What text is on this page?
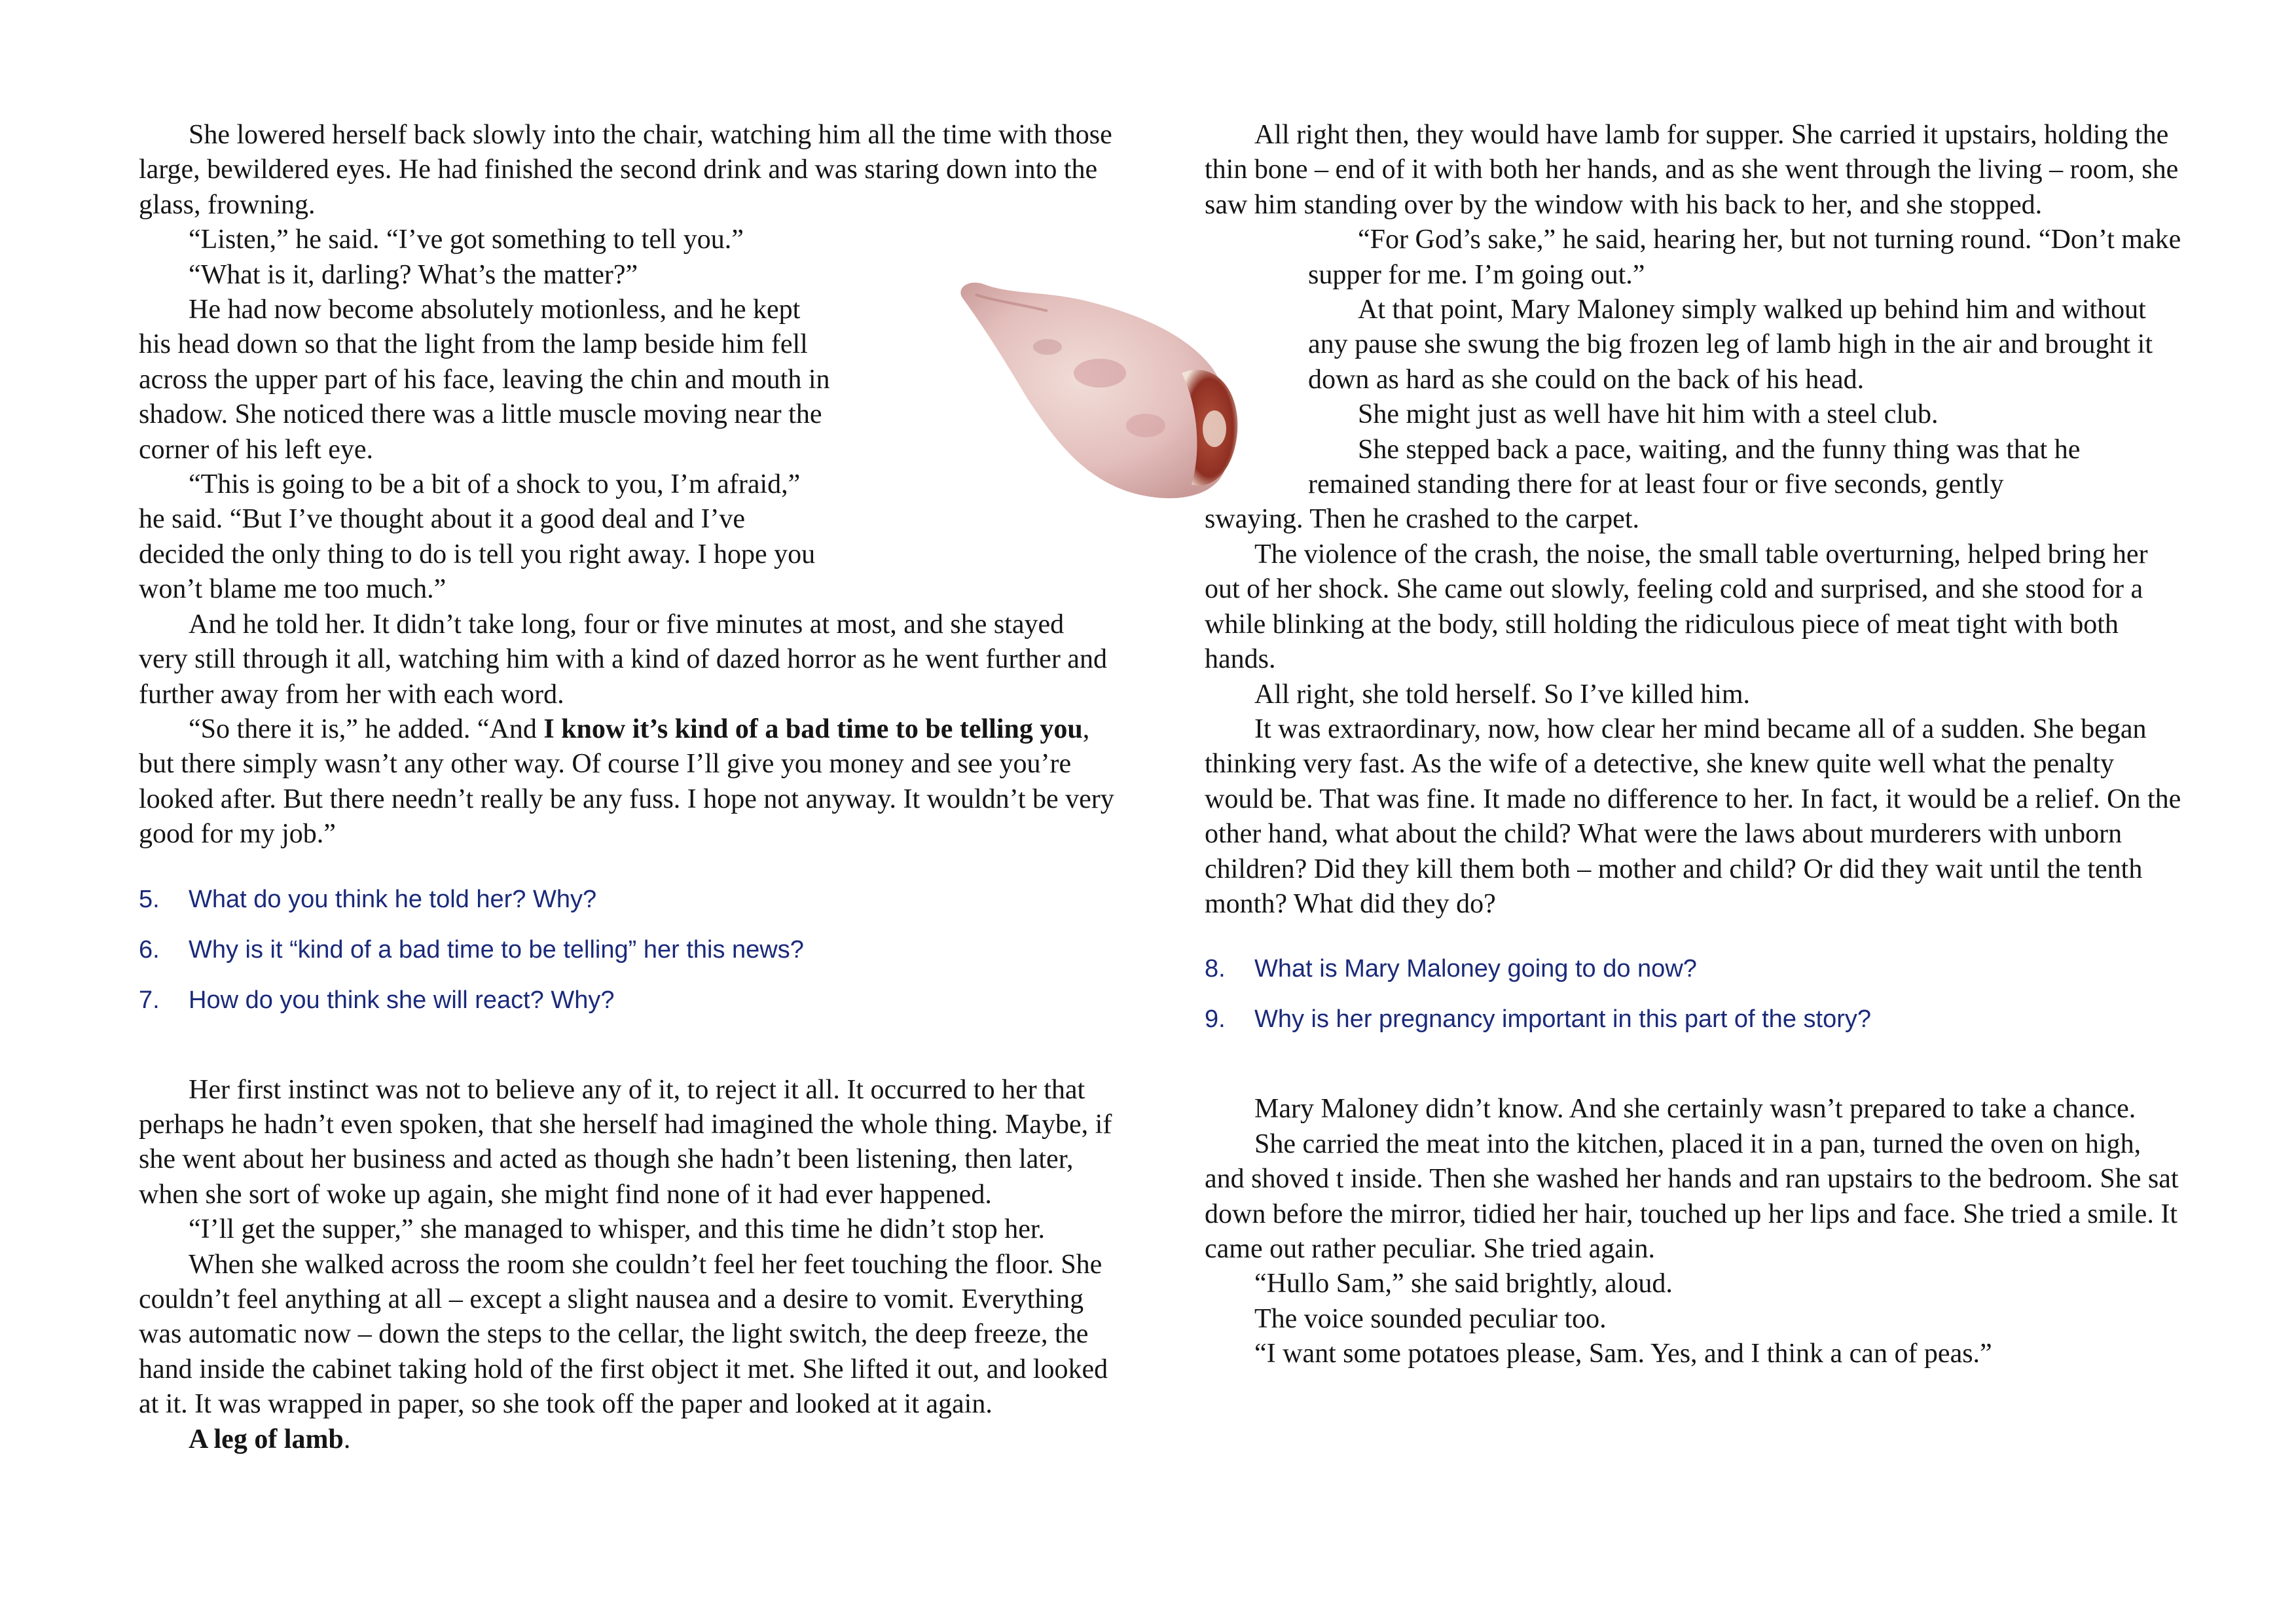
She lowered herself back slowly into the chair, watching him all the time with those large, bewildered eyes. He had finished the second drink and was staring down into the glass, frowning.

“Listen,” he said. “I’ve got something to tell you.”

“What is it, darling? What’s the matter?”

He had now become absolutely motionless, and he kept his head down so that the light from the lamp beside him fell across the upper part of his face, leaving the chin and mouth in shadow. She noticed there was a little muscle moving near the corner of his left eye.

“This is going to be a bit of a shock to you, I’m afraid,” he said. “But I’ve thought about it a good deal and I’ve decided the only thing to do is tell you right away. I hope you won’t blame me too much.”

And he told her. It didn’t take long, four or five minutes at most, and she stayed very still through it all, watching him with a kind of dazed horror as he went further and further away from her with each word.

“So there it is,” he added. “And I know it’s kind of a bad time to be telling you, but there simply wasn’t any other way. Of course I’ll give you money and see you’re looked after. But there needn’t really be any fuss. I hope not anyway. It wouldn’t be very good for my job.”

5. What do you think he told her? Why?
6. Why is it “kind of a bad time to be telling” her this news?
7. How do you think she will react? Why?

Her first instinct was not to believe any of it, to reject it all. It occurred to her that perhaps he hadn’t even spoken, that she herself had imagined the whole thing. Maybe, if she went about her business and acted as though she hadn’t been listening, then later, when she sort of woke up again, she might find none of it had ever happened.

“I’ll get the supper,” she managed to whisper, and this time he didn’t stop her.

When she walked across the room she couldn’t feel her feet touching the floor. She couldn’t feel anything at all – except a slight nausea and a desire to vomit. Everything was automatic now – down the steps to the cellar, the light switch, the deep freeze, the hand inside the cabinet taking hold of the first object it met. She lifted it out, and looked at it. It was wrapped in paper, so she took off the paper and looked at it again.

A leg of lamb.

All right then, they would have lamb for supper. She carried it upstairs, holding the thin bone – end of it with both her hands, and as she went through the living – room, she saw him standing over by the window with his back to her, and she stopped.

“For God’s sake,” he said, hearing her, but not turning round. “Don’t make supper for me. I’m going out.”

At that point, Mary Maloney simply walked up behind him and without any pause she swung the big frozen leg of lamb high in the air and brought it down as hard as she could on the back of his head.

She might just as well have hit him with a steel club.

She stepped back a pace, waiting, and the funny thing was that he remained standing there for at least four or five seconds, gently

swaying. Then he crashed to the carpet.

The violence of the crash, the noise, the small table overturning, helped bring her out of her shock. She came out slowly, feeling cold and surprised, and she stood for a while blinking at the body, still holding the ridiculous piece of meat tight with both hands.

All right, she told herself. So I’ve killed him.

It was extraordinary, now, how clear her mind became all of a sudden. She began thinking very fast. As the wife of a detective, she knew quite well what the penalty would be. That was fine. It made no difference to her. In fact, it would be a relief. On the other hand, what about the child? What were the laws about murderers with unborn children? Did they kill them both – mother and child? Or did they wait until the tenth month? What did they do?

8. What is Mary Maloney going to do now?
9. Why is her pregnancy important in this part of the story?

Mary Maloney didn’t know. And she certainly wasn’t prepared to take a chance.

She carried the meat into the kitchen, placed it in a pan, turned the oven on high, and shoved t inside. Then she washed her hands and ran upstairs to the bedroom. She sat down before the mirror, tidied her hair, touched up her lips and face. She tried a smile. It came out rather peculiar. She tried again.

“Hullo Sam,” she said brightly, aloud.

The voice sounded peculiar too.

“I want some potatoes please, Sam. Yes, and I think a can of peas.”
